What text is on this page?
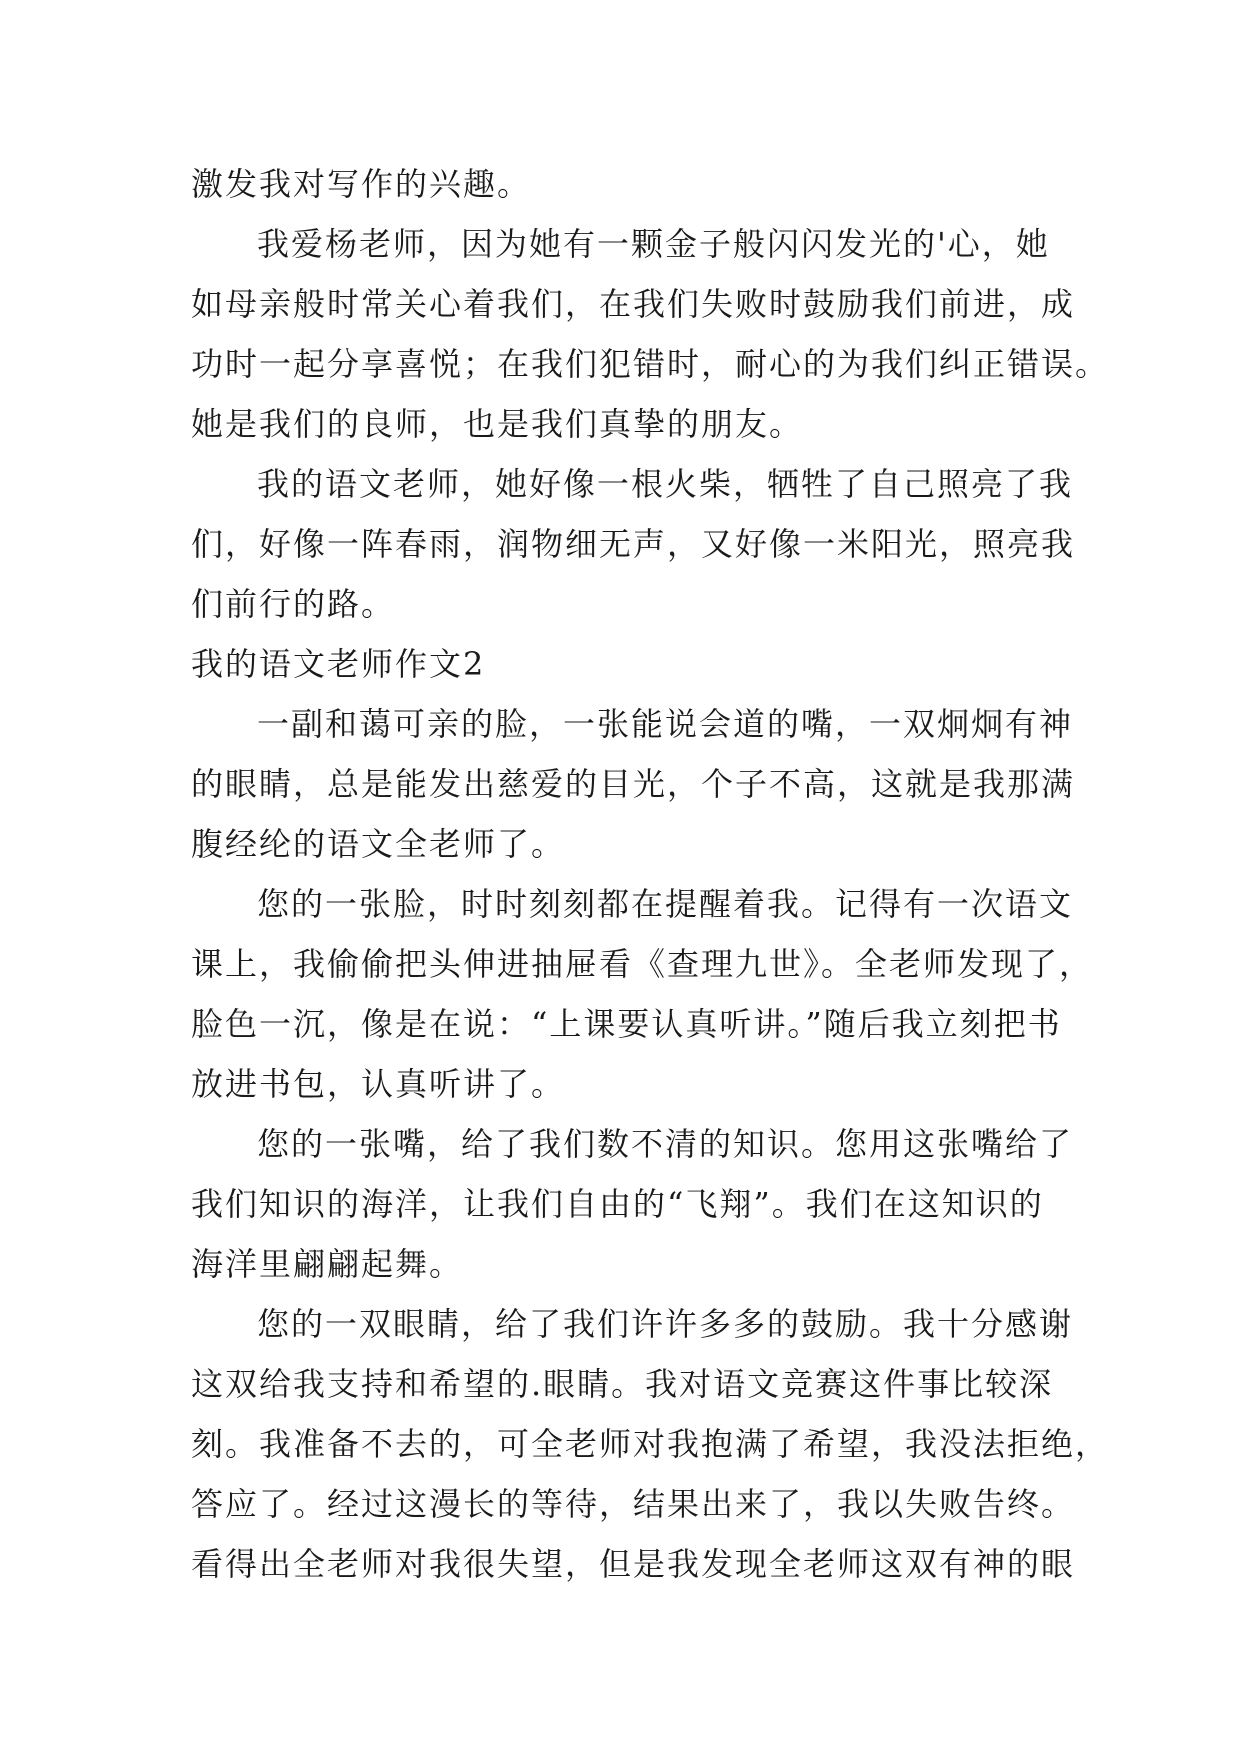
激发我对写作的兴趣。
我爱杨老师，因为她有一颗金子般闪闪发光的'心，她
如母亲般时常关心着我们，在我们失败时鼓励我们前进，成
功时一起分享喜悦；在我们犯错时，耐心的为我们纠正错误。
她是我们的良师，也是我们真挚的朋友。
我的语文老师，她好像一根火柴，牺牲了自己照亮了我
们，好像一阵春雨，润物细无声，又好像一米阳光，照亮我
们前行的路。
我的语文老师作文2
一副和蔼可亲的脸，一张能说会道的嘴，一双炯炯有神
的眼睛，总是能发出慈爱的目光，个子不高，这就是我那满
腹经纶的语文全老师了。
您的一张脸，时时刻刻都在提醒着我。记得有一次语文
课上，我偷偷把头伸进抽屉看《查理九世》。全老师发现了，
脸色一沉，像是在说：“上课要认真听讲。”随后我立刻把书
放进书包，认真听讲了。
您的一张嘴，给了我们数不清的知识。您用这张嘴给了
我们知识的海洋，让我们自由的“飞翔”。我们在这知识的
海洋里翩翩起舞。
您的一双眼睛，给了我们许许多多的鼓励。我十分感谢
这双给我支持和希望的.眼睛。我对语文竞赛这件事比较深
刻。我准备不去的，可全老师对我抱满了希望，我没法拒绝，
答应了。经过这漫长的等待，结果出来了，我以失败告终。
看得出全老师对我很失望，但是我发现全老师这双有神的眼
